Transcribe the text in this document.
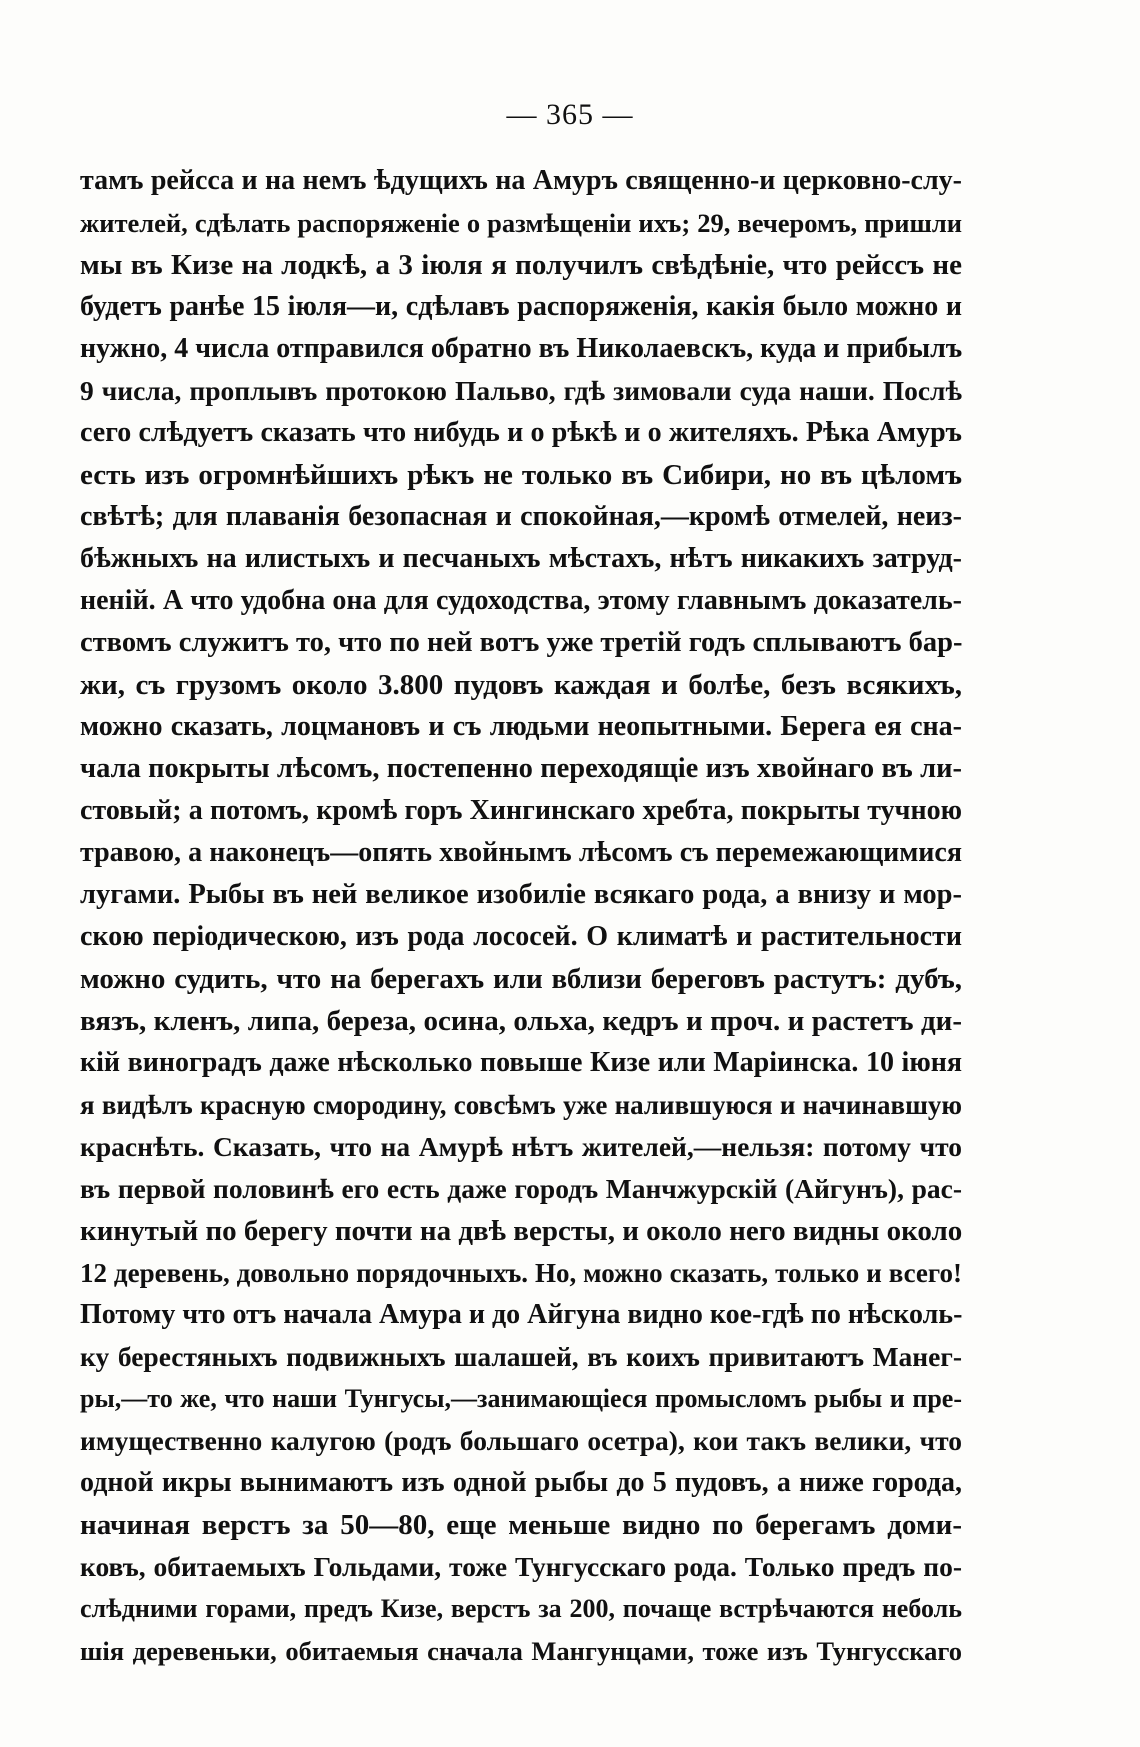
— 365 —
тамъ рейсса и на немъ ѣдущихъ на Амуръ священно-и церковно-слу-
жителей, сдѣлать распоряженіе о размѣщеніи ихъ; 29, вечеромъ, пришли
мы въ Кизе на лодкѣ, а 3 іюля я получилъ свѣдѣніе, что рейссъ не
будетъ ранѣе 15 іюля—и, сдѣлавъ распоряженія, какія было можно и
нужно, 4 числа отправился обратно въ Николаевскъ, куда и прибылъ
9 числа, проплывъ протокою Пальво, гдѣ зимовали суда наши. Послѣ
сего слѣдуетъ сказать что нибудь и о рѣкѣ и о жителяхъ. Рѣка Амуръ
есть изъ огромнѣйшихъ рѣкъ не только въ Сибири, но въ цѣломъ
свѣтѣ; для плаванія безопасная и спокойная,—кромѣ отмелей, неиз-
бѣжныхъ на илистыхъ и песчаныхъ мѣстахъ, нѣтъ никакихъ затруд-
неній. А что удобна она для судоходства, этому главнымъ доказатель-
ствомъ служитъ то, что по ней вотъ уже третій годъ сплываютъ бар-
жи, съ грузомъ около 3.800 пудовъ каждая и болѣе, безъ всякихъ,
можно сказать, лоцмановъ и съ людьми неопытными. Берега ея сна-
чала покрыты лѣсомъ, постепенно переходящіе изъ хвойнаго въ ли-
стовый; а потомъ, кромѣ горъ Хингинскаго хребта, покрыты тучною
травою, а наконецъ—опять хвойнымъ лѣсомъ съ перемежающимися
лугами. Рыбы въ ней великое изобиліе всякаго рода, а внизу и мор-
скою періодическою, изъ рода лососей. О климатѣ и растительности
можно судить, что на берегахъ или вблизи береговъ растутъ: дубъ,
вязъ, кленъ, липа, береза, осина, ольха, кедръ и проч. и растетъ ди-
кій виноградъ даже нѣсколько повыше Кизе или Маріинска. 10 іюня
я видѣлъ красную смородину, совсѣмъ уже налившуюся и начинавшую
краснѣть. Сказать, что на Амурѣ нѣтъ жителей,—нельзя: потому что
въ первой половинѣ его есть даже городъ Манчжурскій (Айгунъ), рас-
кинутый по берегу почти на двѣ версты, и около него видны около
12 деревень, довольно порядочныхъ. Но, можно сказать, только и всего!
Потому что отъ начала Амура и до Айгуна видно кое-гдѣ по нѣсколь-
ку берестяныхъ подвижныхъ шалашей, въ коихъ привитаютъ Манег-
ры,—то же, что наши Тунгусы,—занимающіеся промысломъ рыбы и пре-
имущественно калугою (родъ большаго осетра), кои такъ велики, что
одной икры вынимаютъ изъ одной рыбы до 5 пудовъ, а ниже города,
начиная верстъ за 50—80, еще меньше видно по берегамъ доми-
ковъ, обитаемыхъ Гольдами, тоже Тунгусскаго рода. Только предъ по-
слѣдними горами, предъ Кизе, верстъ за 200, почаще встрѣчаются неболь
шія деревеньки, обитаемыя сначала Мангунцами, тоже изъ Тунгусскаго
